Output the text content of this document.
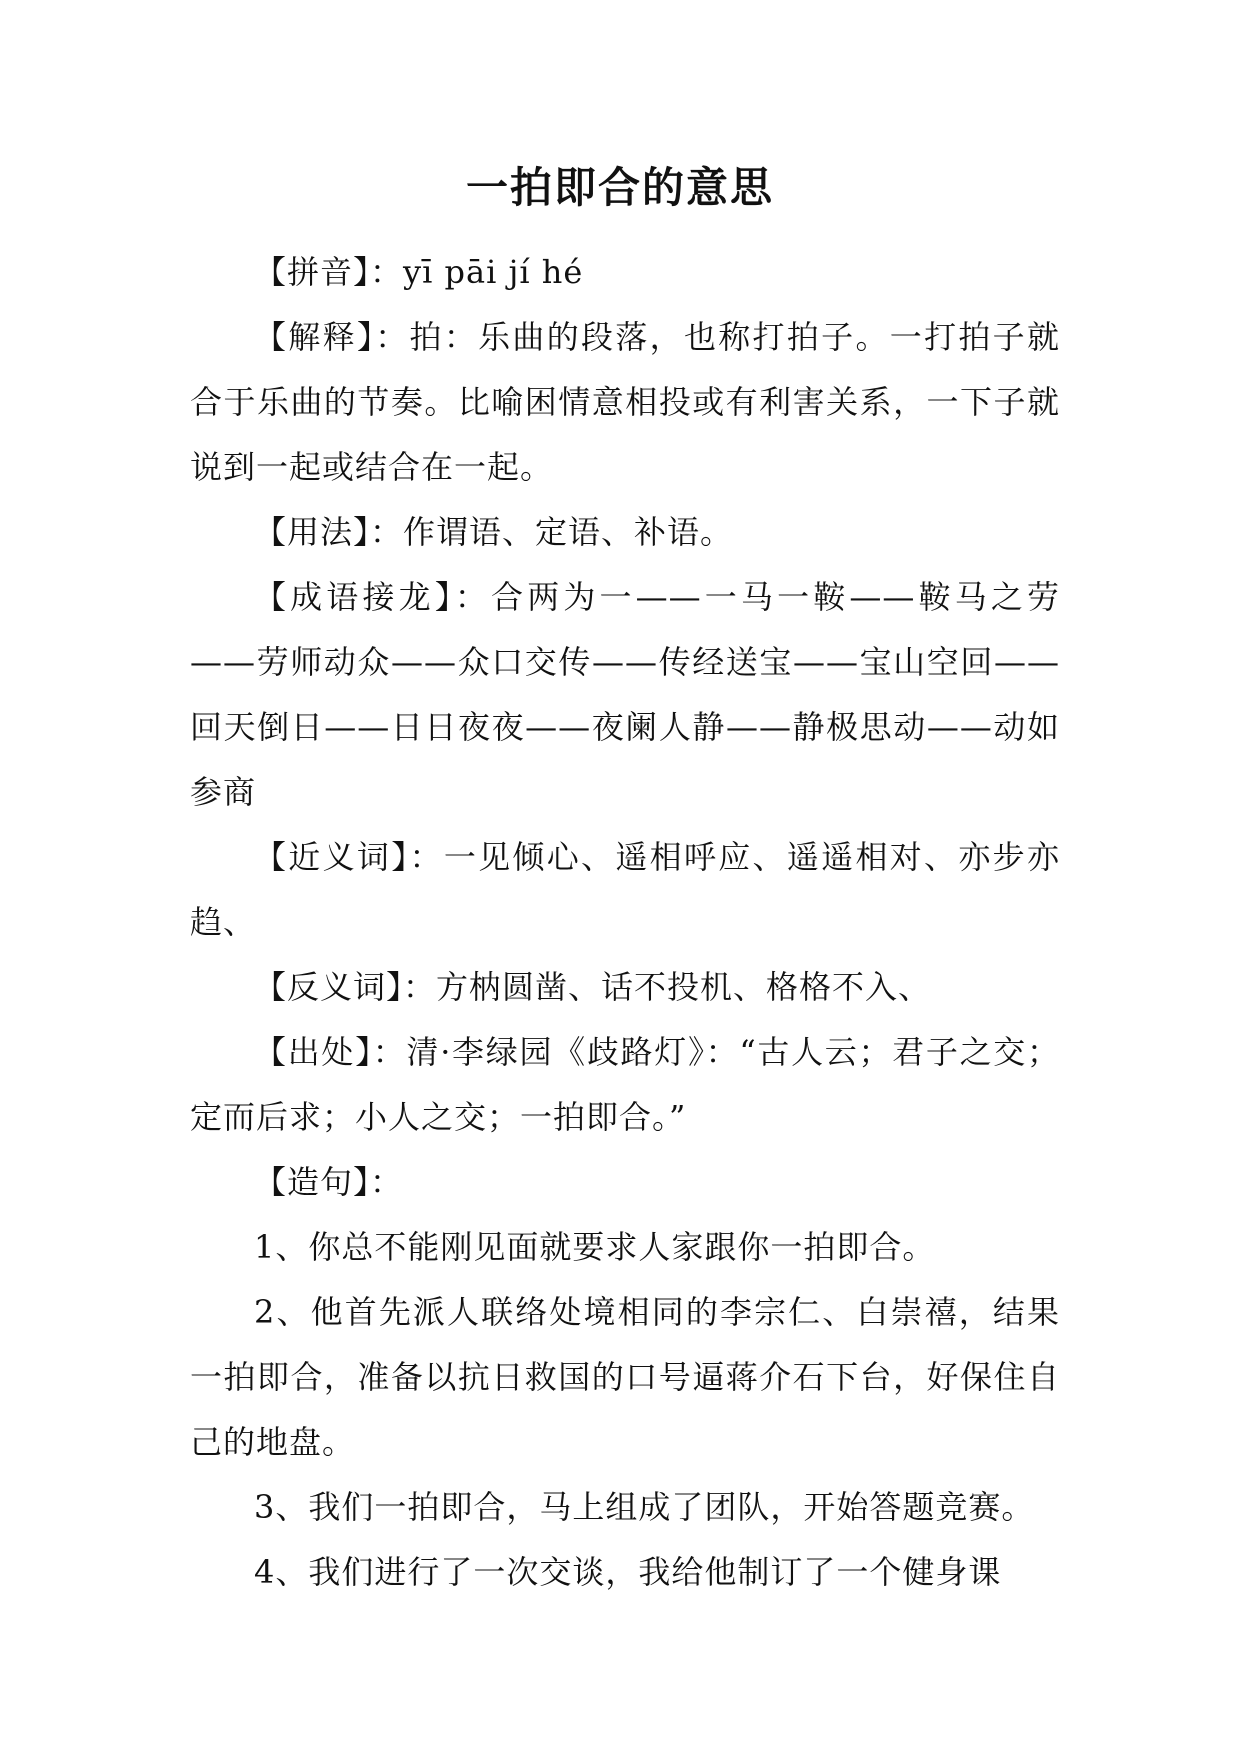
一拍即合的意思

【拼音】：yī pāi jí hé

【解释】：拍：乐曲的段落，也称打拍子。一打拍子就合于乐曲的节奏。比喻困情意相投或有利害关系，一下子就说到一起或结合在一起。

【用法】：作谓语、定语、补语。

【成语接龙】：合两为一——一马一鞍——鞍马之劳——劳师动众——众口交传——传经送宝——宝山空回——回天倒日——日日夜夜——夜阑人静——静极思动——动如参商

【近义词】：一见倾心、遥相呼应、遥遥相对、亦步亦趋、

【反义词】：方枘圆凿、话不投机、格格不入、

【出处】：清·李绿园《歧路灯》：“古人云；君子之交；定而后求；小人之交；一拍即合。”

【造句】：

1、你总不能刚见面就要求人家跟你一拍即合。

2、他首先派人联络处境相同的李宗仁、白崇禧，结果一拍即合，准备以抗日救国的口号逼蒋介石下台，好保住自己的地盘。

3、我们一拍即合，马上组成了团队，开始答题竞赛。

4、我们进行了一次交谈，我给他制订了一个健身课
